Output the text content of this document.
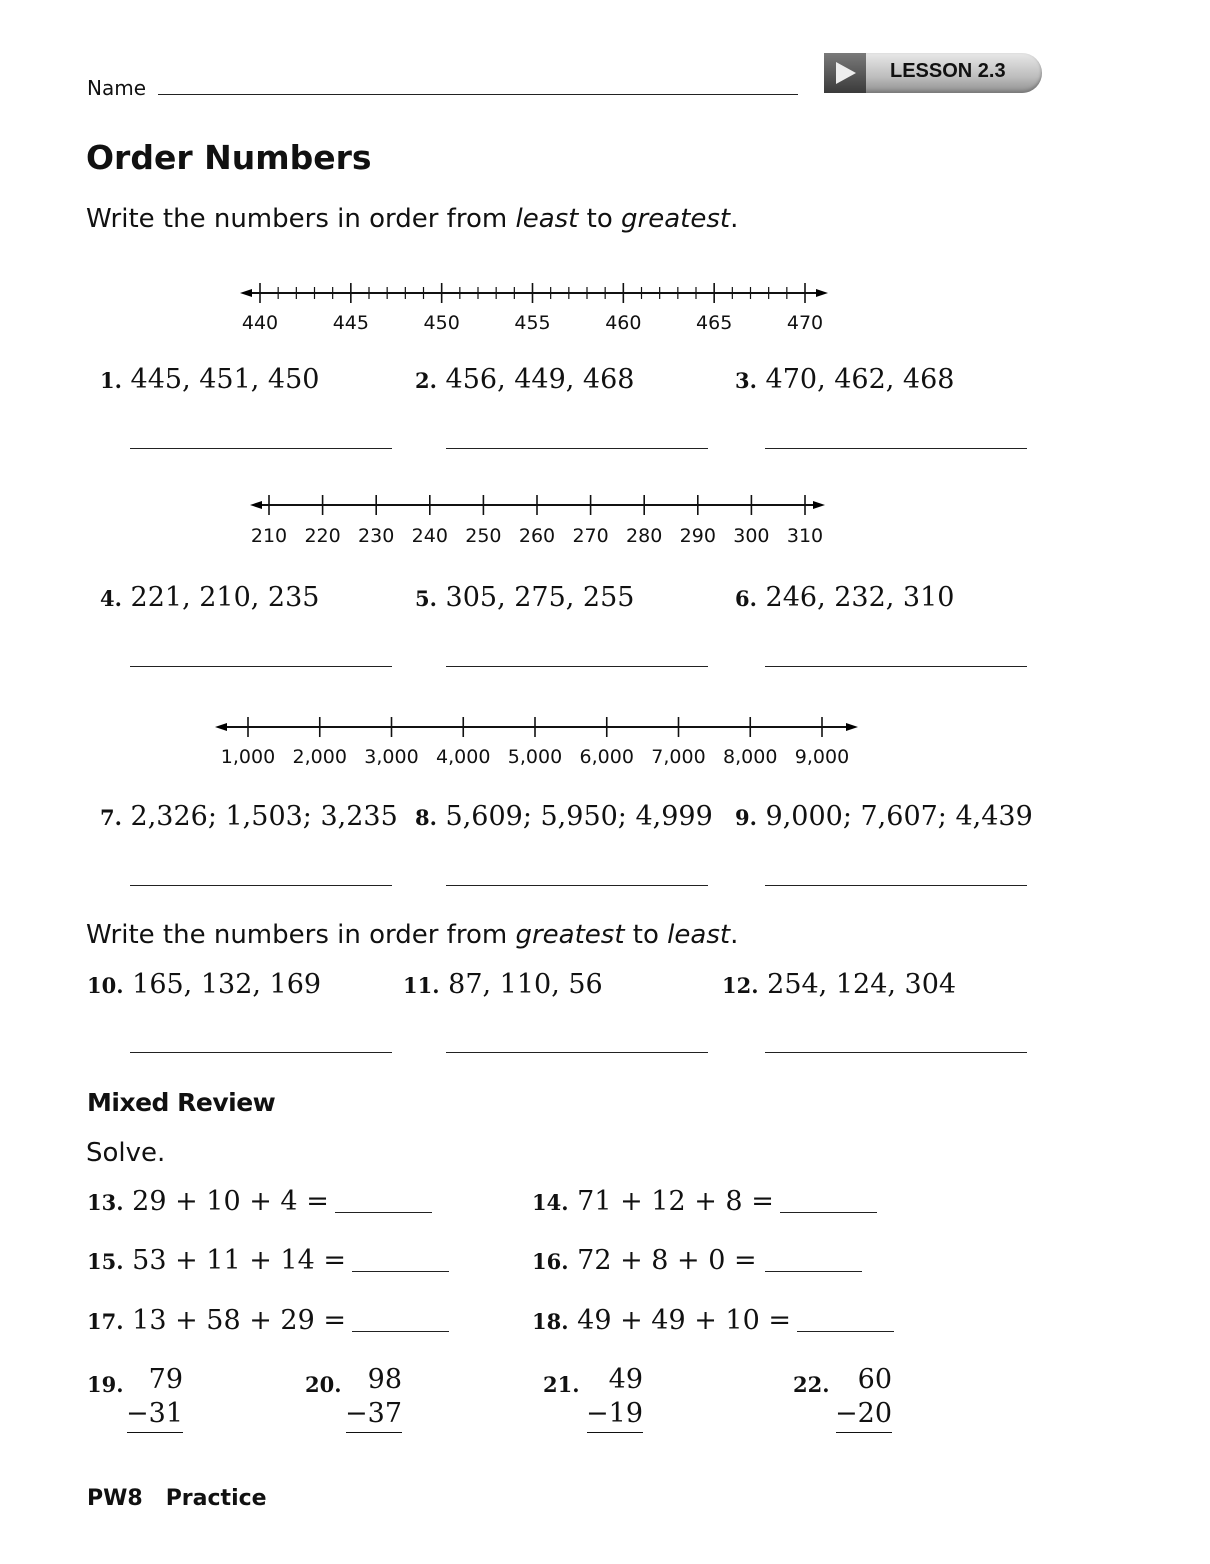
Name
LESSON 2.3
Order Numbers
Write the numbers in order from least to greatest.
Write the numbers in order from greatest to least.
440	445	450	455	460	465	470
210 220 230 240 250 260 270 280 290 300 310
1,000 2,000 3,000 4,000 5,000 6,000 7,000 8,000 9,000
1. 445, 451, 450	2. 456, 449, 468	3. 470, 462, 468
4. 221, 210, 235	5. 305, 275, 255	6. 246, 232, 310
7. 2,326; 1,503; 3,235 8. 5,609; 5,950; 4,999 9. 9,000; 7,607; 4,439
10. 165, 132, 169	11. 87, 110, 56	12. 254, 124, 304
Mixed Review
Solve.
13. 29 + 10 + 4 =	14. 71 + 12 + 8 =
15. 53 + 11 + 14 =	16. 72 + 8 + 0 =
17. 13 + 58 + 29 =	18. 49 + 49 + 10 =
19. 79
−31
20. 98
−37
21.	49
−19
22.	60
−20
PW8 Practice
